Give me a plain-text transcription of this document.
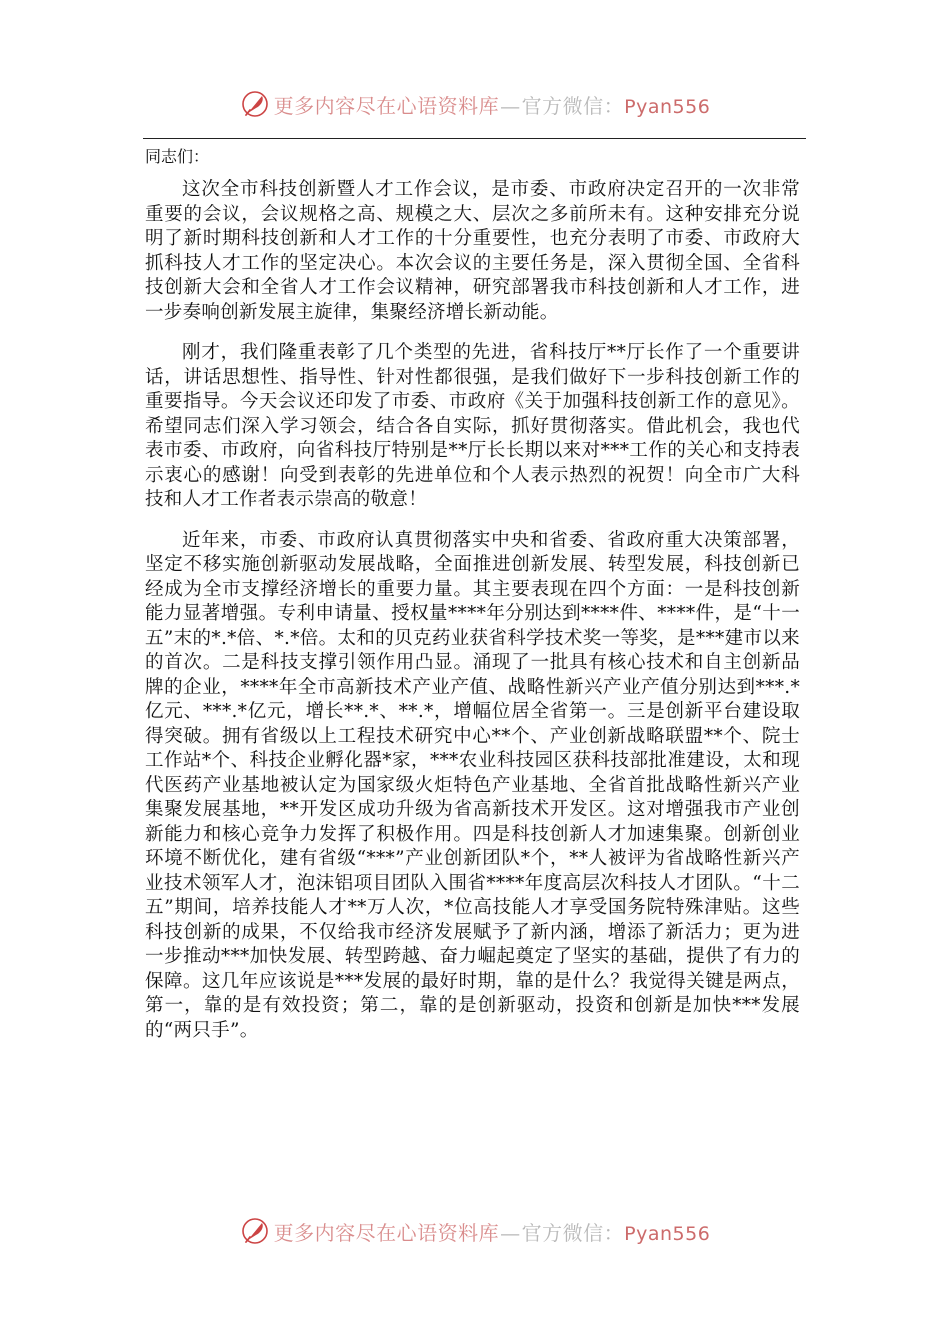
更多内容尽在心语资料库—官方微信：Pyan556

同志们：

这次全市科技创新暨人才工作会议，是市委、市政府决定召开的一次非常重要的会议，会议规格之高、规模之大、层次之多前所未有。这种安排充分说明了新时期科技创新和人才工作的十分重要性，也充分表明了市委、市政府大抓科技人才工作的坚定决心。本次会议的主要任务是，深入贯彻全国、全省科技创新大会和全省人才工作会议精神，研究部署我市科技创新和人才工作，进一步奏响创新发展主旋律，集聚经济增长新动能。

刚才，我们隆重表彰了几个类型的先进，省科技厅**厅长作了一个重要讲话，讲话思想性、指导性、针对性都很强，是我们做好下一步科技创新工作的重要指导。今天会议还印发了市委、市政府《关于加强科技创新工作的意见》。希望同志们深入学习领会，结合各自实际，抓好贯彻落实。借此机会，我也代表市委、市政府，向省科技厅特别是**厅长长期以来对***工作的关心和支持表示衷心的感谢！向受到表彰的先进单位和个人表示热烈的祝贺！向全市广大科技和人才工作者表示崇高的敬意！

近年来，市委、市政府认真贯彻落实中央和省委、省政府重大决策部署，坚定不移实施创新驱动发展战略，全面推进创新发展、转型发展，科技创新已经成为全市支撑经济增长的重要力量。其主要表现在四个方面：一是科技创新能力显著增强。专利申请量、授权量****年分别达到****件、****件，是“十一五”末的*.*倍、*.*倍。太和的贝克药业获省科学技术奖一等奖，是***建市以来的首次。二是科技支撑引领作用凸显。涌现了一批具有核心技术和自主创新品牌的企业，****年全市高新技术产业产值、战略性新兴产业产值分别达到***.*亿元、***.*亿元，增长**.*、**.*，增幅位居全省第一。三是创新平台建设取得突破。拥有省级以上工程技术研究中心**个、产业创新战略联盟**个、院士工作站*个、科技企业孵化器*家，***农业科技园区获科技部批准建设，太和现代医药产业基地被认定为国家级火炬特色产业基地、全省首批战略性新兴产业集聚发展基地，**开发区成功升级为省高新技术开发区。这对增强我市产业创新能力和核心竞争力发挥了积极作用。四是科技创新人才加速集聚。创新创业环境不断优化，建有省级“***”产业创新团队*个，**人被评为省战略性新兴产业技术领军人才，泡沫铝项目团队入围省****年度高层次科技人才团队。“十二五”期间，培养技能人才**万人次，*位高技能人才享受国务院特殊津贴。这些科技创新的成果，不仅给我市经济发展赋予了新内涵，增添了新活力；更为进一步推动***加快发展、转型跨越、奋力崛起奠定了坚实的基础，提供了有力的保障。这几年应该说是***发展的最好时期，靠的是什么？我觉得关键是两点，第一，靠的是有效投资；第二，靠的是创新驱动，投资和创新是加快***发展的“两只手”。

更多内容尽在心语资料库—官方微信：Pyan556
